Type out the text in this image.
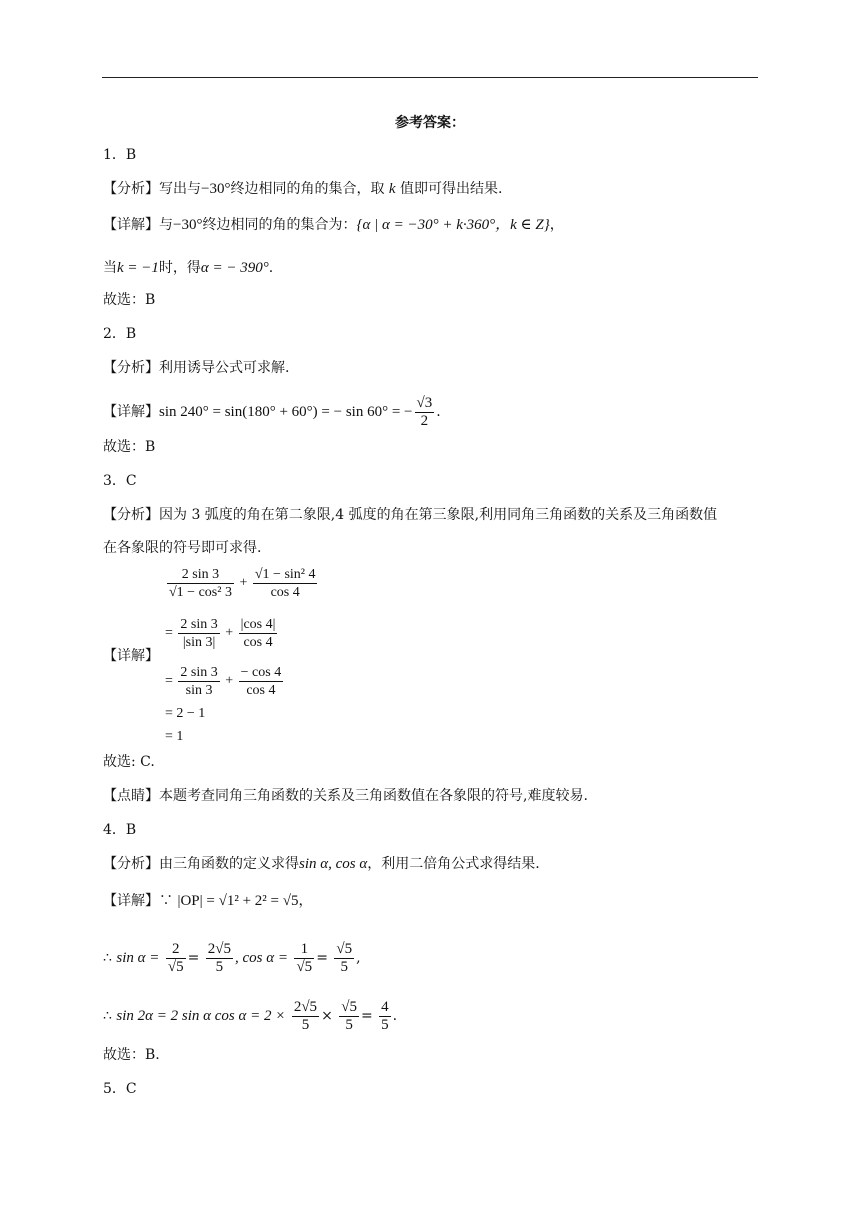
参考答案：
1．B
【分析】写出与−30°终边相同的角的集合，取 k 值即可得出结果.
【详解】与−30°终边相同的角的集合为：{α | α = −30° + k·360°，k ∈ Z}，
当k = −1时，得α = − 390°.
故选：B
2．B
【分析】利用诱导公式可求解.
【详解】sin 240° = sin(180° + 60°) = − sin 60° = − $\frac{√3}{2}$ .
故选：B
3．C
【分析】因为 3 弧度的角在第二象限,4 弧度的角在第三象限,利用同角三角函数的关系及三角函数值
在各象限的符号即可求得.
【详解】
$\frac{2 \sin 3}{\text{√1 − cos² 3}} + \frac{\text{√1 − sin² 4}}{\cos 4}$
= $\frac{2 \sin 3}{|\sin 3|} + \frac{|\cos 4|}{\cos 4}$
= $\frac{2 \sin 3}{\sin 3} + \frac{- \cos 4}{\cos 4}$
= 2 − 1
= 1
故选: C.
【点睛】本题考查同角三角函数的关系及三角函数值在各象限的符号,难度较易.
4．B
【分析】由三角函数的定义求得sin α, cos α，利用二倍角公式求得结果.
【详解】∵ |OP| = √1² + 2² = √5，
∴ $\sin \alpha = \frac{2}{√5} = \frac{2√5}{5}$ , $\cos \alpha = \frac{1}{√5} = \frac{√5}{5}$ ,
∴ sin 2α = 2 sin α $\cos \alpha = 2 \times \frac{2√5}{5} \times \frac{√5}{5} = \frac{4}{5}$ .
故选：B.
5．C
